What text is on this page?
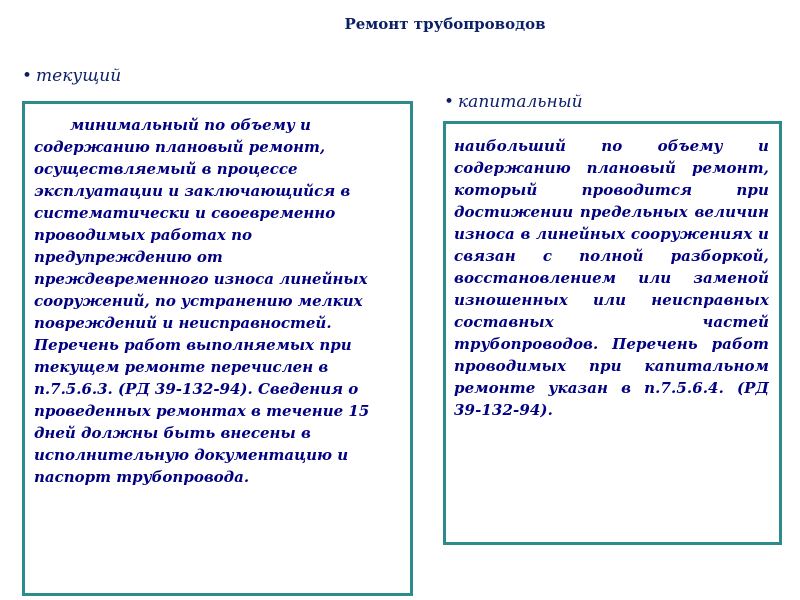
Ремонт трубопроводов
• текущий

минимальный по объему и содержанию плановый ремонт, осуществляемый в процессе эксплуатации и заключающийся в систематически и своевременно проводимых работах по предупреждению от преждевременного износа линейных сооружений, по устранению мелких повреждений и неисправностей. Перечень работ выполняемых при текущем ремонте перечислен в п.7.5.6.3. (РД 39-132-94). Сведения о проведенных ремонтах в течение 15 дней должны быть внесены в исполнительную документацию и паспорт трубопровода.

• капитальный

наибольший по объему и содержанию плановый ремонт, который проводится при достижении предельных величин износа в линейных сооружениях и связан с полной разборкой, восстановлением или заменой изношенных или неисправных составных частей трубопроводов. Перечень работ проводимых при капитальном ремонте указан в п.7.5.6.4. (РД 39-132-94).
